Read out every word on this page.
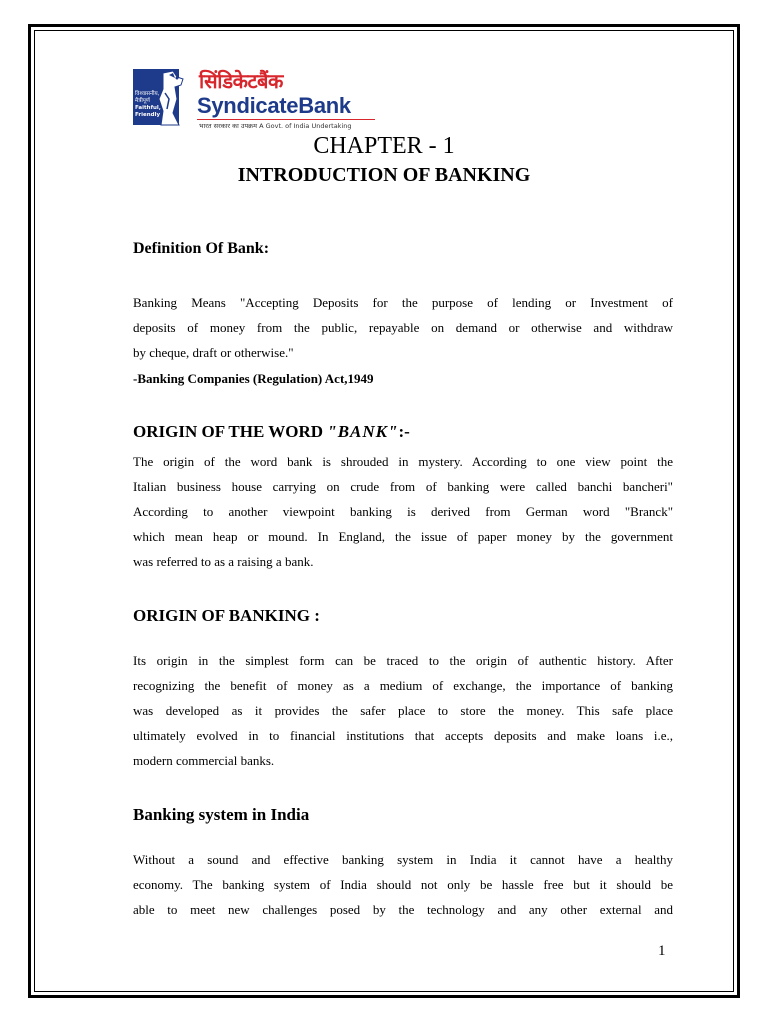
विश्वासनीय, मैत्रीपूर्ण
Faithful, Friendly
सिंडिकेटबैंक
SyndicateBank
भारत सरकार का उपक्रम A Govt. of India Undertaking
CHAPTER - 1
INTRODUCTION OF BANKING
Definition Of Bank:
Banking Means "Accepting Deposits for the purpose of lending or Investment of
deposits of money from the public, repayable on demand or otherwise and withdraw
by cheque, draft or otherwise."
-Banking Companies (Regulation) Act,1949
ORIGIN OF THE WORD "BANK":-
The origin of the word bank is shrouded in mystery. According to one view point the
Italian business house carrying on crude from of banking were called banchi bancheri"
According to another viewpoint banking is derived from German word "Branck"
which mean heap or mound. In England, the issue of paper money by the government
was referred to as a raising a bank.
ORIGIN OF BANKING :
Its origin in the simplest form can be traced to the origin of authentic history. After
recognizing the benefit of money as a medium of exchange, the importance of banking
was developed as it provides the safer place to store the money. This safe place
ultimately evolved in to financial institutions that accepts deposits and make loans i.e.,
modern commercial banks.
Banking system in India
Without a sound and effective banking system in India it cannot have a healthy
economy. The banking system of India should not only be hassle free but it should be
able to meet new challenges posed by the technology and any other external and
1
